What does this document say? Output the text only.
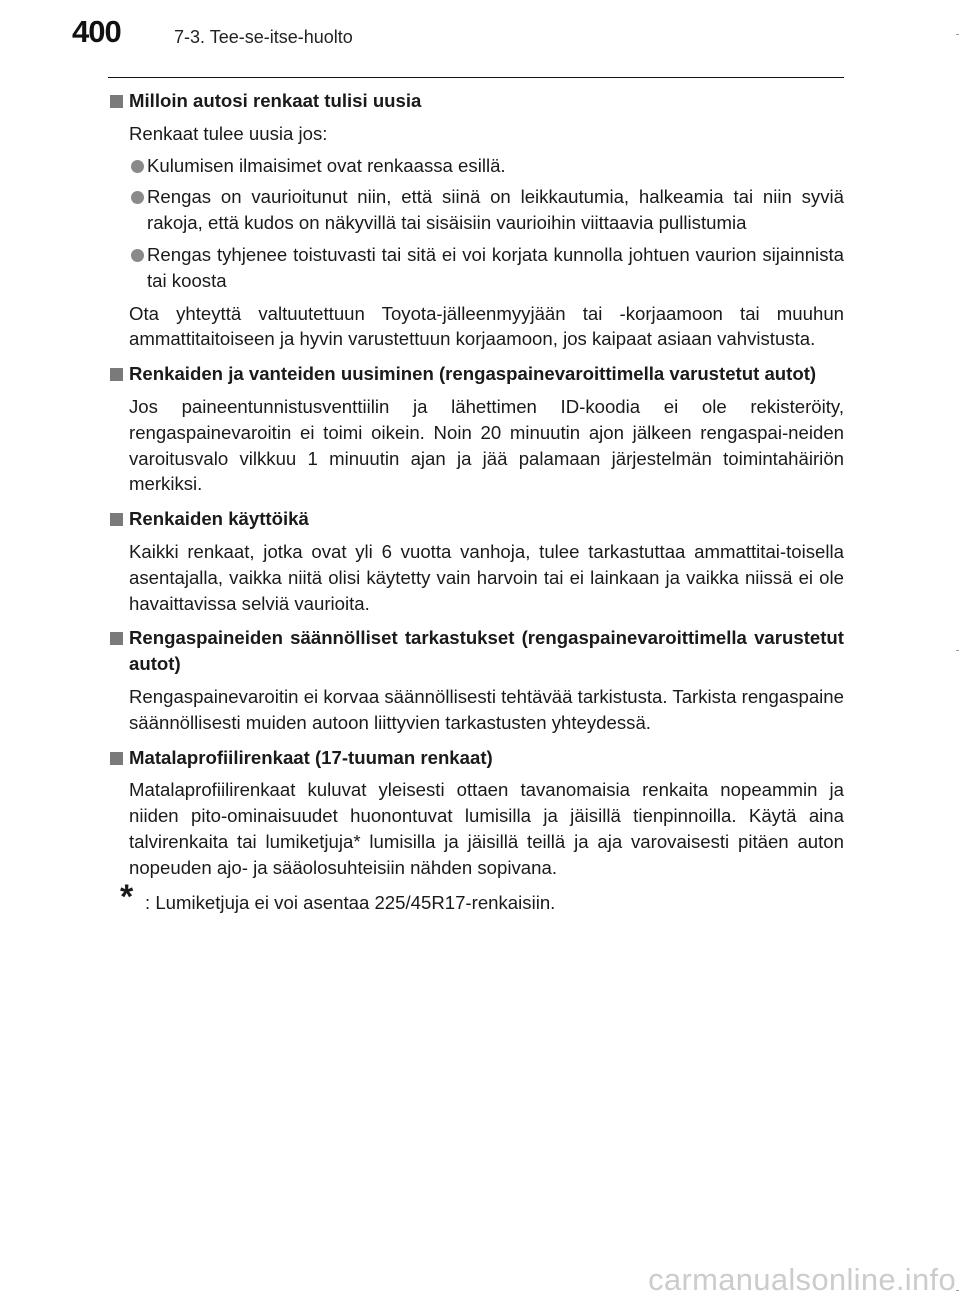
400	7-3. Tee-se-itse-huolto
Milloin autosi renkaat tulisi uusia
Renkaat tulee uusia jos:
Kulumisen ilmaisimet ovat renkaassa esillä.
Rengas on vaurioitunut niin, että siinä on leikkautumia, halkeamia tai niin syviä rakoja, että kudos on näkyvillä tai sisäisiin vaurioihin viittaavia pullistumia
Rengas tyhjenee toistuvasti tai sitä ei voi korjata kunnolla johtuen vaurion sijainnista tai koosta
Ota yhteyttä valtuutettuun Toyota-jälleenmyyjään tai -korjaamoon tai muuhun ammattitaitoiseen ja hyvin varustettuun korjaamoon, jos kaipaat asiaan vahvistusta.
Renkaiden ja vanteiden uusiminen (rengaspainevaroittimella varustetut autot)
Jos paineentunnistusventtiilin ja lähettimen ID-koodia ei ole rekisteröity, rengaspainevaroitin ei toimi oikein. Noin 20 minuutin ajon jälkeen rengaspai-neiden varoitusvalo vilkkuu 1 minuutin ajan ja jää palamaan järjestelmän toimintahäiriön merkiksi.
Renkaiden käyttöikä
Kaikki renkaat, jotka ovat yli 6 vuotta vanhoja, tulee tarkastuttaa ammattitai-toisella asentajalla, vaikka niitä olisi käytetty vain harvoin tai ei lainkaan ja vaikka niissä ei ole havaittavissa selviä vaurioita.
Rengaspaineiden säännölliset tarkastukset (rengaspainevaroittimella varustetut autot)
Rengaspainevaroitin ei korvaa säännöllisesti tehtävää tarkistusta. Tarkista rengaspaine säännöllisesti muiden autoon liittyvien tarkastusten yhteydessä.
Matalaprofiilirenkaat (17-tuuman renkaat)
Matalaprofiilirenkaat kuluvat yleisesti ottaen tavanomaisia renkaita nopeammin ja niiden pito-ominaisuudet huonontuvat lumisilla ja jäisillä tienpinnoilla. Käytä aina talvirenkaita tai lumiketjuja* lumisilla ja jäisillä teillä ja aja varovaisesti pitäen auton nopeuden ajo- ja sääolosuhteisiin nähden sopivana.
* : Lumiketjuja ei voi asentaa 225/45R17-renkaisiin.
carmanualsonline.info
